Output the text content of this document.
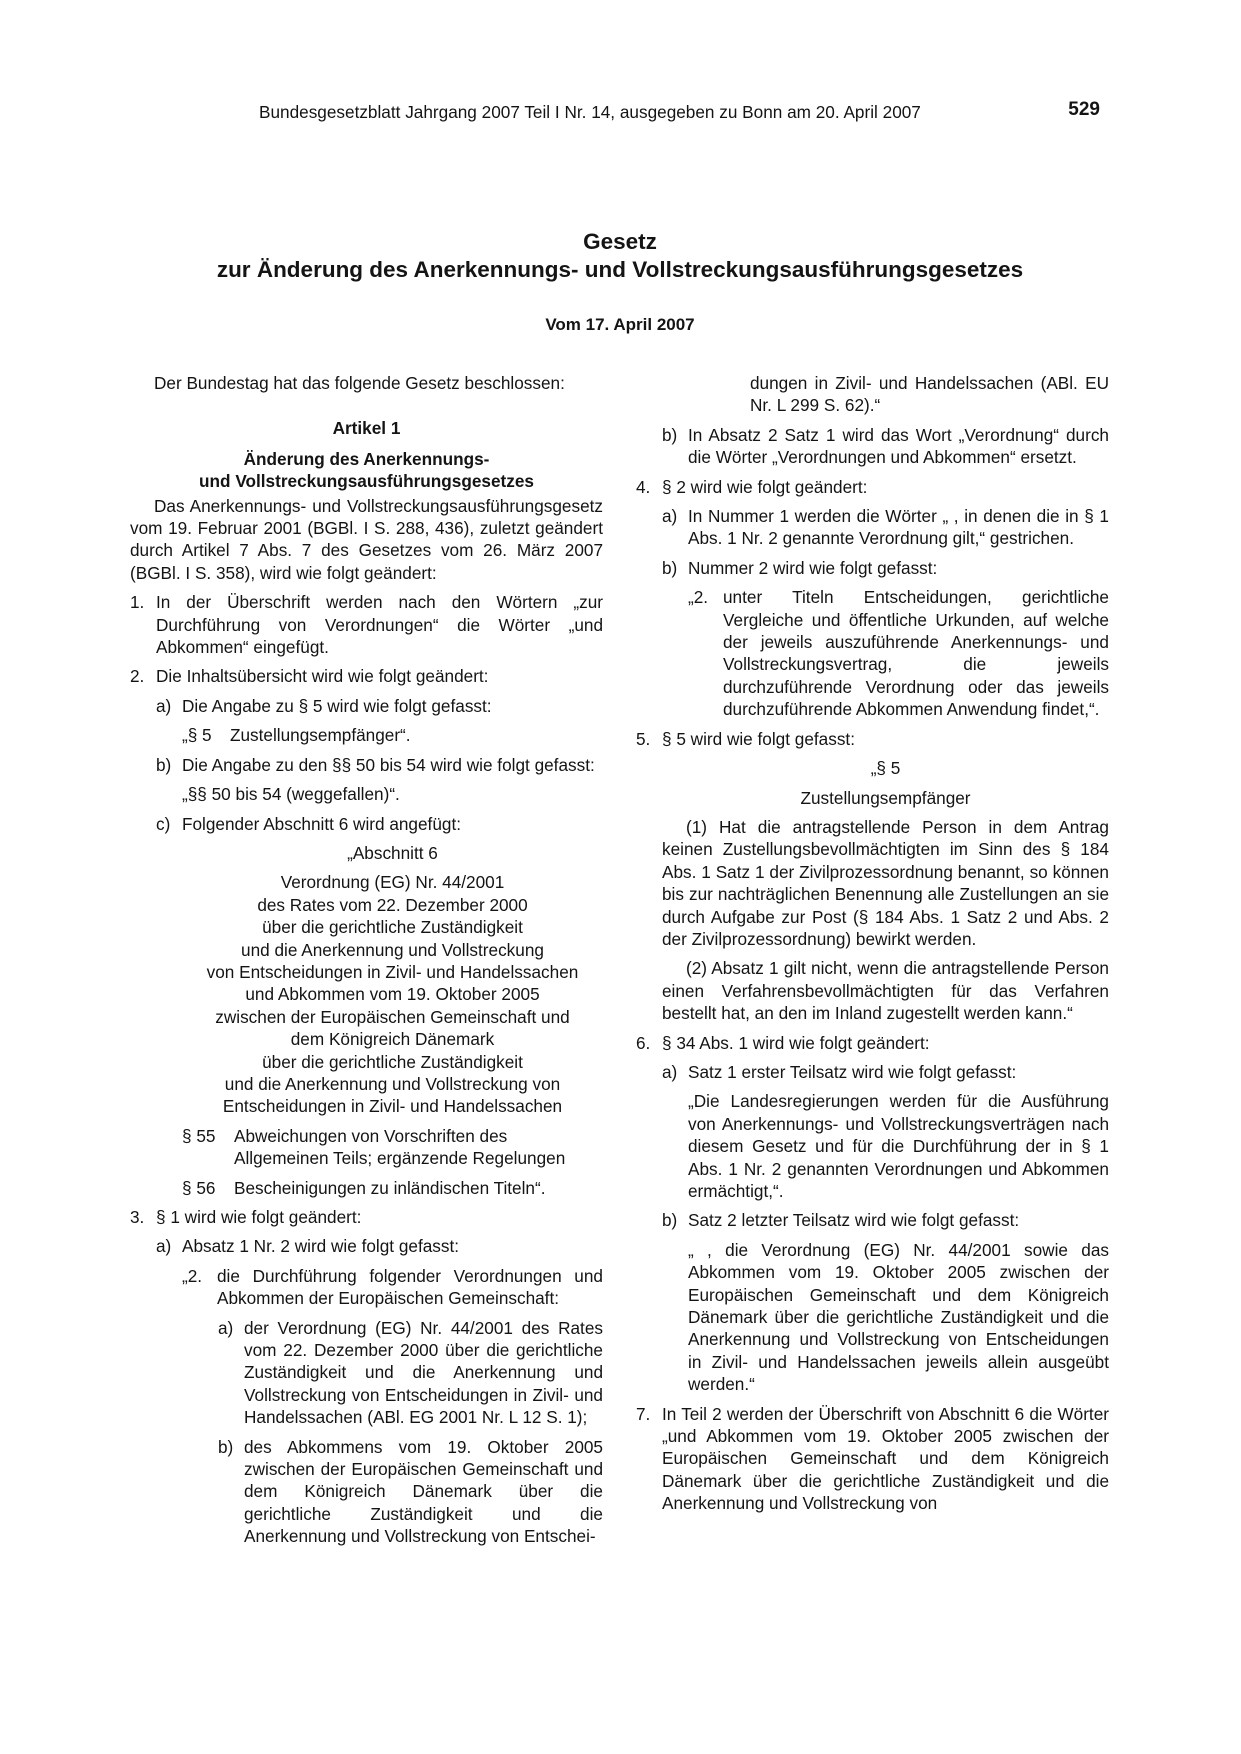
Bundesgesetzblatt Jahrgang 2007 Teil I Nr. 14, ausgegeben zu Bonn am 20. April 2007	529
Gesetz
zur Änderung des Anerkennungs- und Vollstreckungsausführungsgesetzes
Vom 17. April 2007

Der Bundestag hat das folgende Gesetz beschlossen:

Artikel 1
Änderung des Anerkennungs-
und Vollstreckungsausführungsgesetzes

Das Anerkennungs- und Vollstreckungsausführungsgesetz vom 19. Februar 2001 (BGBl. I S. 288, 436), zuletzt geändert durch Artikel 7 Abs. 7 des Gesetzes vom 26. März 2007 (BGBl. I S. 358), wird wie folgt geändert:

1. In der Überschrift werden nach den Wörtern „zur Durchführung von Verordnungen“ die Wörter „und Abkommen“ eingefügt.
2. Die Inhaltsübersicht wird wie folgt geändert:
a) Die Angabe zu § 5 wird wie folgt gefasst:
„§ 5 Zustellungsempfänger“.
b) Die Angabe zu den §§ 50 bis 54 wird wie folgt gefasst:

„§§ 50 bis 54 (weggefallen)“.

c) Folgender Abschnitt 6 wird angefügt:
„Abschnitt 6
Verordnung (EG) Nr. 44/2001
des Rates vom 22. Dezember 2000
über die gerichtliche Zuständigkeit
und die Anerkennung und Vollstreckung
von Entscheidungen in Zivil- und Handelssachen
und Abkommen vom 19. Oktober 2005
zwischen der Europäischen Gemeinschaft und
dem Königreich Dänemark
über die gerichtliche Zuständigkeit
und die Anerkennung und Vollstreckung von
Entscheidungen in Zivil- und Handelssachen
§ 55 Abweichungen von Vorschriften des Allgemeinen Teils; ergänzende Regelungen
§ 56 Bescheinigungen zu inländischen Titeln“.
3. § 1 wird wie folgt geändert:
a) Absatz 1 Nr. 2 wird wie folgt gefasst:
„2. die Durchführung folgender Verordnungen und Abkommen der Europäischen Gemeinschaft:
a) der Verordnung (EG) Nr. 44/2001 des Rates vom 22. Dezember 2000 über die gerichtliche Zuständigkeit und die Anerkennung und Vollstreckung von Entscheidungen in Zivil- und Handelssachen (ABl. EG 2001 Nr. L 12 S. 1);
b) des Abkommens vom 19. Oktober 2005 zwischen der Europäischen Gemeinschaft und dem Königreich Dänemark über die gerichtliche Zuständigkeit und die Anerkennung und Vollstreckung von Entschei-

dungen in Zivil- und Handelssachen (ABl. EU Nr. L 299 S. 62).“

b) In Absatz 2 Satz 1 wird das Wort „Verordnung“ durch die Wörter „Verordnungen und Abkommen“ ersetzt.
4. § 2 wird wie folgt geändert:
a) In Nummer 1 werden die Wörter „ , in denen die in § 1 Abs. 1 Nr. 2 genannte Verordnung gilt,“ gestrichen.
b) Nummer 2 wird wie folgt gefasst:
„2. unter Titeln Entscheidungen, gerichtliche Vergleiche und öffentliche Urkunden, auf welche der jeweils auszuführende Anerkennungs- und Vollstreckungsvertrag, die jeweils durchzuführende Verordnung oder das jeweils durchzuführende Abkommen Anwendung findet,“.
5. § 5 wird wie folgt gefasst:
„§ 5
Zustellungsempfänger

(1) Hat die antragstellende Person in dem Antrag keinen Zustellungsbevollmächtigten im Sinn des § 184 Abs. 1 Satz 1 der Zivilprozessordnung benannt, so können bis zur nachträglichen Benennung alle Zustellungen an sie durch Aufgabe zur Post (§ 184 Abs. 1 Satz 2 und Abs. 2 der Zivilprozessordnung) bewirkt werden.

(2) Absatz 1 gilt nicht, wenn die antragstellende Person einen Verfahrensbevollmächtigten für das Verfahren bestellt hat, an den im Inland zugestellt werden kann.“

6. § 34 Abs. 1 wird wie folgt geändert:
a) Satz 1 erster Teilsatz wird wie folgt gefasst:

„Die Landesregierungen werden für die Ausführung von Anerkennungs- und Vollstreckungsverträgen nach diesem Gesetz und für die Durchführung der in § 1 Abs. 1 Nr. 2 genannten Verordnungen und Abkommen ermächtigt,“.

b) Satz 2 letzter Teilsatz wird wie folgt gefasst:

„ , die Verordnung (EG) Nr. 44/2001 sowie das Abkommen vom 19. Oktober 2005 zwischen der Europäischen Gemeinschaft und dem Königreich Dänemark über die gerichtliche Zuständigkeit und die Anerkennung und Vollstreckung von Entscheidungen in Zivil- und Handelssachen jeweils allein ausgeübt werden.“

7. In Teil 2 werden der Überschrift von Abschnitt 6 die Wörter „und Abkommen vom 19. Oktober 2005 zwischen der Europäischen Gemeinschaft und dem Königreich Dänemark über die gerichtliche Zuständigkeit und die Anerkennung und Vollstreckung von
